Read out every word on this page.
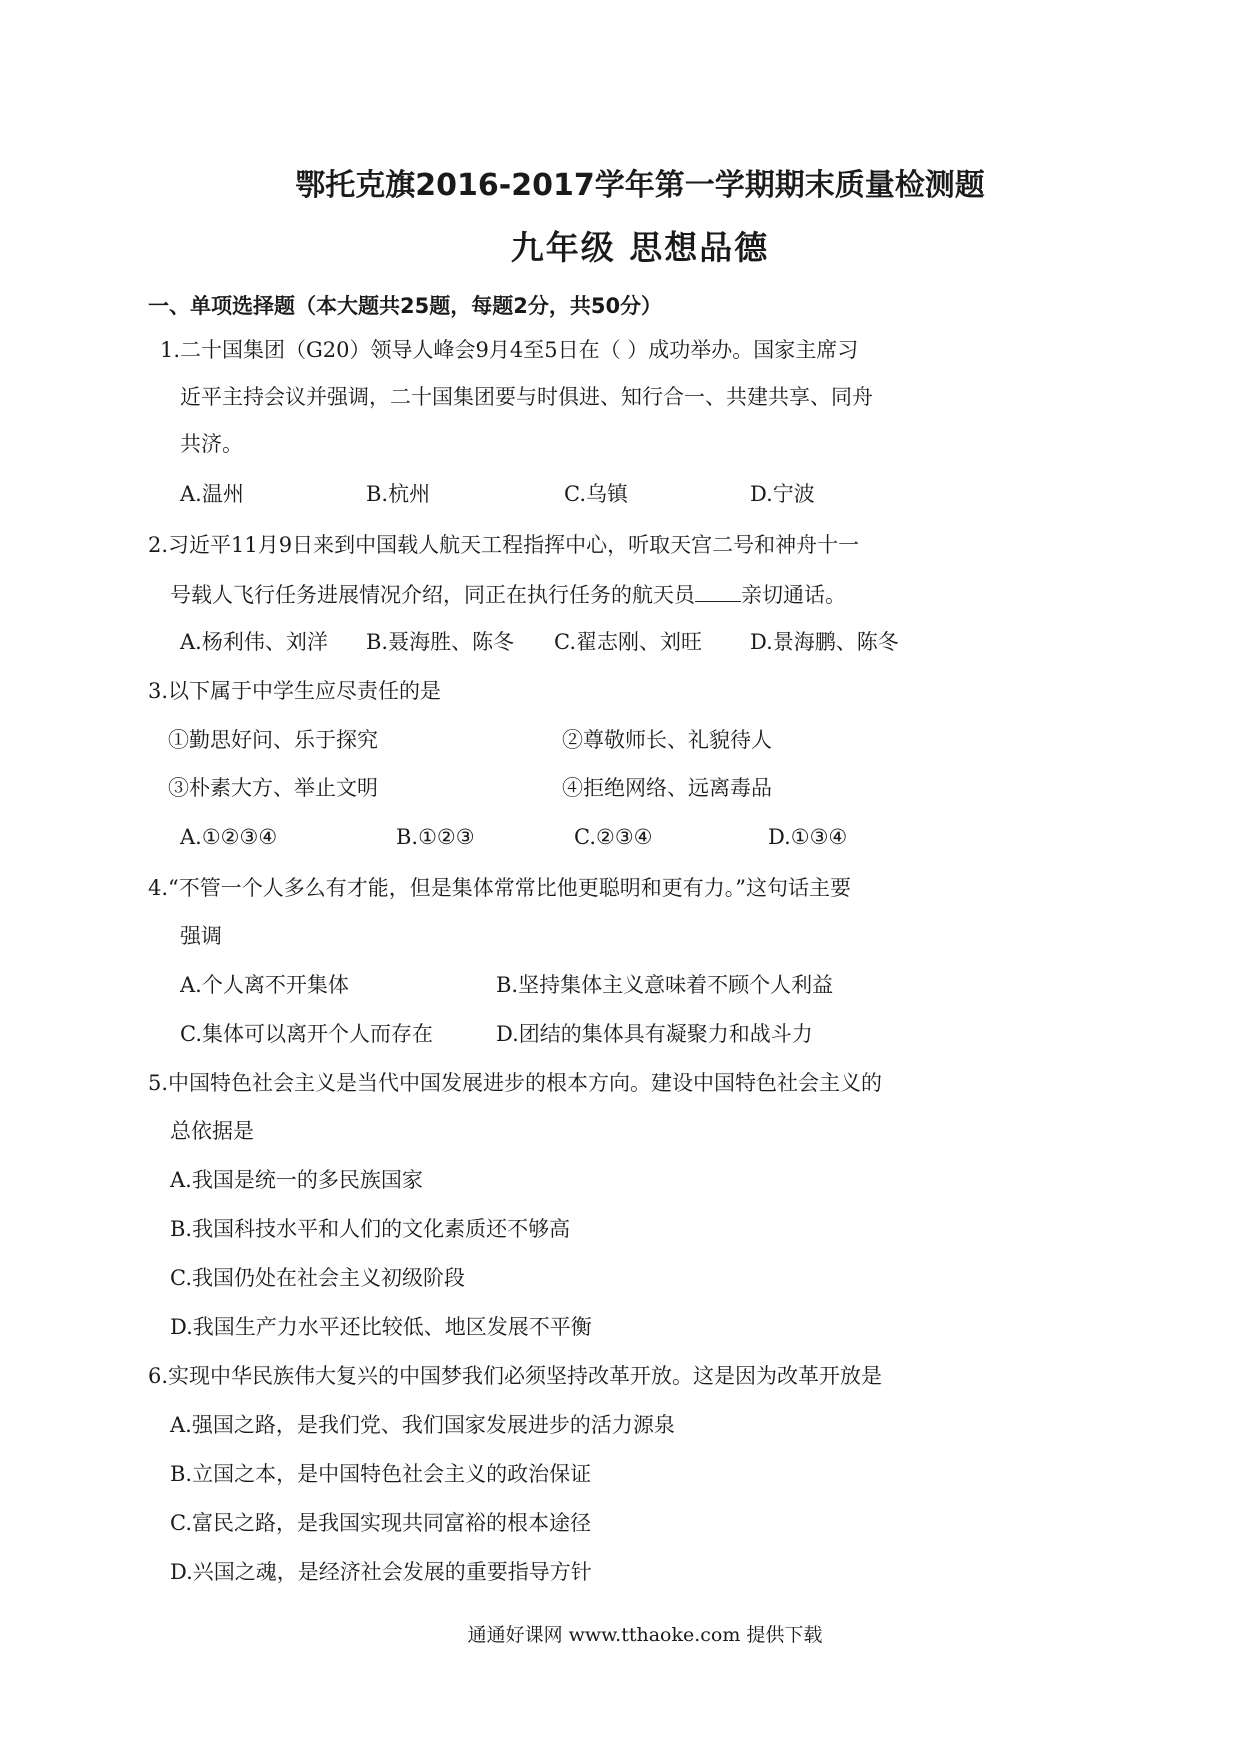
鄂托克旗2016-2017学年第一学期期末质量检测题
九年级 思想品德
一、单项选择题（本大题共25题，每题2分，共50分）
1.二十国集团（G20）领导人峰会9月4至5日在（ ）成功举办。国家主席习
近平主持会议并强调，二十国集团要与时俱进、知行合一、共建共享、同舟
共济。
A.温州	B.杭州	C.乌镇	D.宁波
2.习近平11月9日来到中国载人航天工程指挥中心，听取天宫二号和神舟十一
号载人飞行任务进展情况介绍，同正在执行任务的航天员 亲切通话。
A.杨利伟、刘洋 B.聂海胜、陈冬 C.翟志刚、刘旺 D.景海鹏、陈冬
3.以下属于中学生应尽责任的是
①勤思好问、乐于探究	②尊敬师长、礼貌待人
③朴素大方、举止文明	④拒绝网络、远离毒品
A.①②③④	B.①②③	C.②③④	D.①③④
4.“不管一个人多么有才能，但是集体常常比他更聪明和更有力。”这句话主要
强调
A.个人离不开集体	B.坚持集体主义意味着不顾个人利益
C.集体可以离开个人而存在	D.团结的集体具有凝聚力和战斗力
5.中国特色社会主义是当代中国发展进步的根本方向。建设中国特色社会主义的
总依据是
A.我国是统一的多民族国家
B.我国科技水平和人们的文化素质还不够高
C.我国仍处在社会主义初级阶段
D.我国生产力水平还比较低、地区发展不平衡
6.实现中华民族伟大复兴的中国梦我们必须坚持改革开放。这是因为改革开放是
A.强国之路，是我们党、我们国家发展进步的活力源泉
B.立国之本，是中国特色社会主义的政治保证
C.富民之路，是我国实现共同富裕的根本途径
D.兴国之魂，是经济社会发展的重要指导方针
通通好课网 www.tthaoke.com 提供下载
